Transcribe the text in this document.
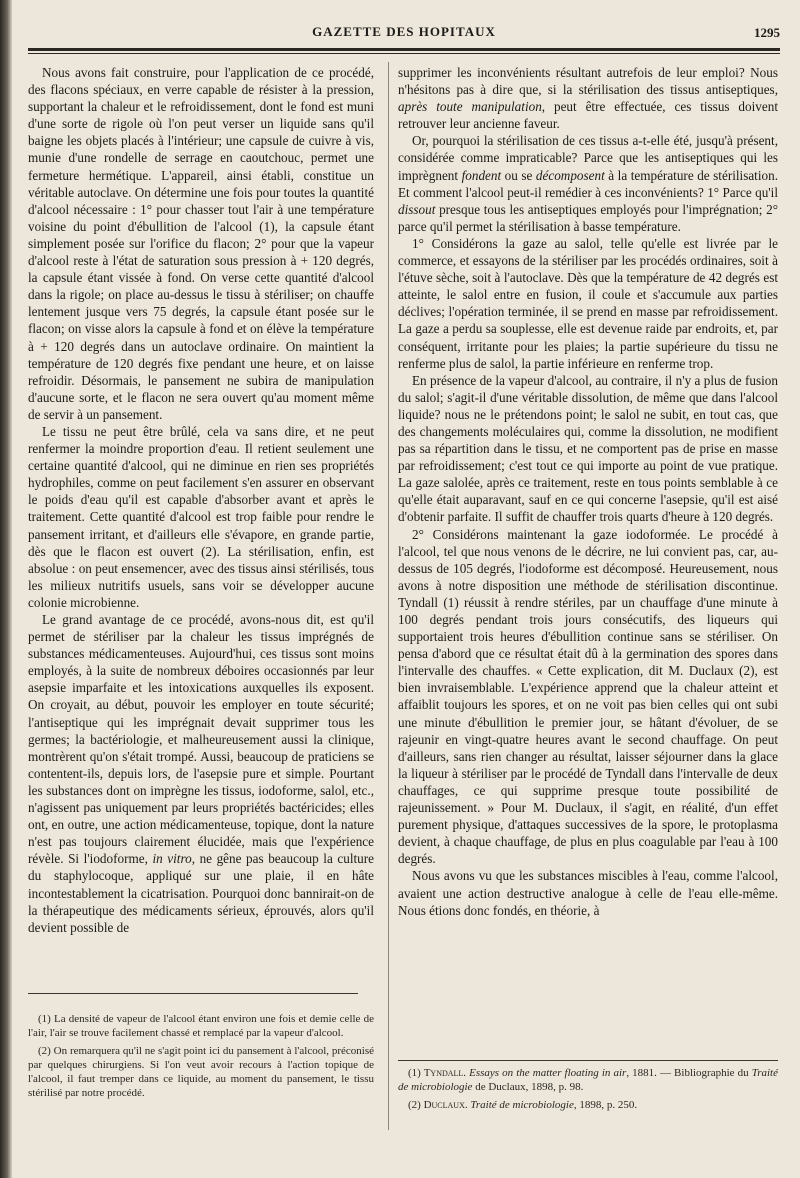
GAZETTE DES HOPITAUX	1295

Nous avons fait construire, pour l'application de ce procédé, des flacons spéciaux, en verre capable de résister à la pression, supportant la chaleur et le refroidissement, dont le fond est muni d'une sorte de rigole où l'on peut verser un liquide sans qu'il baigne les objets placés à l'intérieur; une capsule de cuivre à vis, munie d'une rondelle de serrage en caoutchouc, permet une fermeture hermétique. L'appareil, ainsi établi, constitue un véritable autoclave. On détermine une fois pour toutes la quantité d'alcool nécessaire : 1° pour chasser tout l'air à une température voisine du point d'ébullition de l'alcool (1), la capsule étant simplement posée sur l'orifice du flacon; 2° pour que la vapeur d'alcool reste à l'état de saturation sous pression à + 120 degrés, la capsule étant vissée à fond. On verse cette quantité d'alcool dans la rigole; on place au-dessus le tissu à stériliser; on chauffe lentement jusque vers 75 degrés, la capsule étant posée sur le flacon; on visse alors la capsule à fond et on élève la température à + 120 degrés dans un autoclave ordinaire. On maintient la température de 120 degrés fixe pendant une heure, et on laisse refroidir. Désormais, le pansement ne subira de manipulation d'aucune sorte, et le flacon ne sera ouvert qu'au moment même de servir à un pansement.

Le tissu ne peut être brûlé, cela va sans dire, et ne peut renfermer la moindre proportion d'eau. Il retient seulement une certaine quantité d'alcool, qui ne diminue en rien ses propriétés hydrophiles, comme on peut facilement s'en assurer en observant le poids d'eau qu'il est capable d'absorber avant et après le traitement. Cette quantité d'alcool est trop faible pour rendre le pansement irritant, et d'ailleurs elle s'évapore, en grande partie, dès que le flacon est ouvert (2). La stérilisation, enfin, est absolue : on peut ensemencer, avec des tissus ainsi stérilisés, tous les milieux nutritifs usuels, sans voir se développer aucune colonie microbienne.

Le grand avantage de ce procédé, avons-nous dit, est qu'il permet de stériliser par la chaleur les tissus imprégnés de substances médicamenteuses. Aujourd'hui, ces tissus sont moins employés, à la suite de nombreux déboires occasionnés par leur asepsie imparfaite et les intoxications auxquelles ils exposent. On croyait, au début, pouvoir les employer en toute sécurité; l'antiseptique qui les imprégnait devait supprimer tous les germes; la bactériologie, et malheureusement aussi la clinique, montrèrent qu'on s'était trompé. Aussi, beaucoup de praticiens se contentent-ils, depuis lors, de l'asepsie pure et simple. Pourtant les substances dont on imprègne les tissus, iodoforme, salol, etc., n'agissent pas uniquement par leurs propriétés bactéricides; elles ont, en outre, une action médicamenteuse, topique, dont la nature n'est pas toujours clairement élucidée, mais que l'expérience révèle. Si l'iodoforme, in vitro, ne gêne pas beaucoup la culture du staphylocoque, appliqué sur une plaie, il en hâte incontestablement la cicatrisation. Pourquoi donc bannirait-on de la thérapeutique des médicaments sérieux, éprouvés, alors qu'il devient possible de

supprimer les inconvénients résultant autrefois de leur emploi? Nous n'hésitons pas à dire que, si la stérilisation des tissus antiseptiques, après toute manipulation, peut être effectuée, ces tissus doivent retrouver leur ancienne faveur.

Or, pourquoi la stérilisation de ces tissus a-t-elle été, jusqu'à présent, considérée comme impraticable? Parce que les antiseptiques qui les imprègnent fondent ou se décomposent à la température de stérilisation. Et comment l'alcool peut-il remédier à ces inconvénients? 1° Parce qu'il dissout presque tous les antiseptiques employés pour l'imprégnation; 2° parce qu'il permet la stérilisation à basse température.

1° Considérons la gaze au salol, telle qu'elle est livrée par le commerce, et essayons de la stériliser par les procédés ordinaires, soit à l'étuve sèche, soit à l'autoclave. Dès que la température de 42 degrés est atteinte, le salol entre en fusion, il coule et s'accumule aux parties déclives; l'opération terminée, il se prend en masse par refroidissement. La gaze a perdu sa souplesse, elle est devenue raide par endroits, et, par conséquent, irritante pour les plaies; la partie supérieure du tissu ne renferme plus de salol, la partie inférieure en renferme trop.

En présence de la vapeur d'alcool, au contraire, il n'y a plus de fusion du salol; s'agit-il d'une véritable dissolution, de même que dans l'alcool liquide? nous ne le prétendons point; le salol ne subit, en tout cas, que des changements moléculaires qui, comme la dissolution, ne modifient pas sa répartition dans le tissu, et ne comportent pas de prise en masse par refroidissement; c'est tout ce qui importe au point de vue pratique. La gaze salolée, après ce traitement, reste en tous points semblable à ce qu'elle était auparavant, sauf en ce qui concerne l'asepsie, qu'il est aisé d'obtenir parfaite. Il suffit de chauffer trois quarts d'heure à 120 degrés.

2° Considérons maintenant la gaze iodoformée. Le procédé à l'alcool, tel que nous venons de le décrire, ne lui convient pas, car, au-dessus de 105 degrés, l'iodoforme est décomposé. Heureusement, nous avons à notre disposition une méthode de stérilisation discontinue. Tyndall (1) réussit à rendre stériles, par un chauffage d'une minute à 100 degrés pendant trois jours consécutifs, des liqueurs qui supportaient trois heures d'ébullition continue sans se stériliser. On pensa d'abord que ce résultat était dû à la germination des spores dans l'intervalle des chauffes. « Cette explication, dit M. Duclaux (2), est bien invraisemblable. L'expérience apprend que la chaleur atteint et affaiblit toujours les spores, et on ne voit pas bien celles qui ont subi une minute d'ébullition le premier jour, se hâtant d'évoluer, de se rajeunir en vingt-quatre heures avant le second chauffage. On peut d'ailleurs, sans rien changer au résultat, laisser séjourner dans la glace la liqueur à stériliser par le procédé de Tyndall dans l'intervalle de deux chauffages, ce qui supprime presque toute possibilité de rajeunissement. » Pour M. Duclaux, il s'agit, en réalité, d'un effet purement physique, d'attaques successives de la spore, le protoplasma devient, à chaque chauffage, de plus en plus coagulable par l'eau à 100 degrés.

Nous avons vu que les substances miscibles à l'eau, comme l'alcool, avaient une action destructive analogue à celle de l'eau elle-même. Nous étions donc fondés, en théorie, à

(1) La densité de vapeur de l'alcool étant environ une fois et demie celle de l'air, l'air se trouve facilement chassé et remplacé par la vapeur d'alcool.

(2) On remarquera qu'il ne s'agit point ici du pansement à l'alcool, préconisé par quelques chirurgiens. Si l'on veut avoir recours à l'action topique de l'alcool, il faut tremper dans ce liquide, au moment du pansement, le tissu stérilisé par notre procédé.

(1) Tyndall. Essays on the matter floating in air, 1881. — Bibliographie du Traité de microbiologie de Duclaux, 1898, p. 98.

(2) Duclaux. Traité de microbiologie, 1898, p. 250.
